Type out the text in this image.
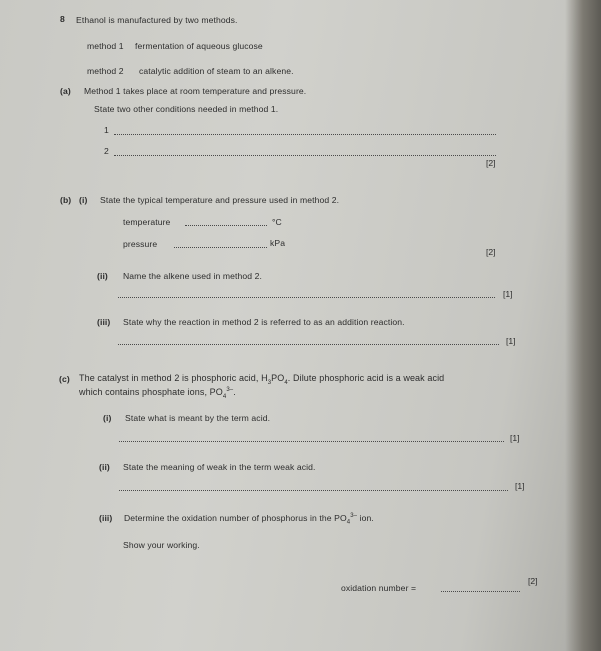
8 Ethanol is manufactured by two methods.
method 1 fermentation of aqueous glucose
method 2 catalytic addition of steam to an alkene.
(a) Method 1 takes place at room temperature and pressure.
State two other conditions needed in method 1.
1
2
[2]
(b) (i) State the typical temperature and pressure used in method 2.
temperature	°C
pressure	kPa
[2]
(ii) Name the alkene used in method 2.
[1]
(iii) State why the reaction in method 2 is referred to as an addition reaction.
[1]
(c) The catalyst in method 2 is phosphoric acid, $H_3PO_4$. Dilute phosphoric acid is a weak acid
which contains phosphate ions, $PO_4^{3-}$.
(i) State what is meant by the term acid.
[1]
(ii) State the meaning of weak in the term weak acid.
[1]
(iii) Determine the oxidation number of phosphorus in the $PO_4^{3-}$ ion.
Show your working.
oxidation number =
[2]
